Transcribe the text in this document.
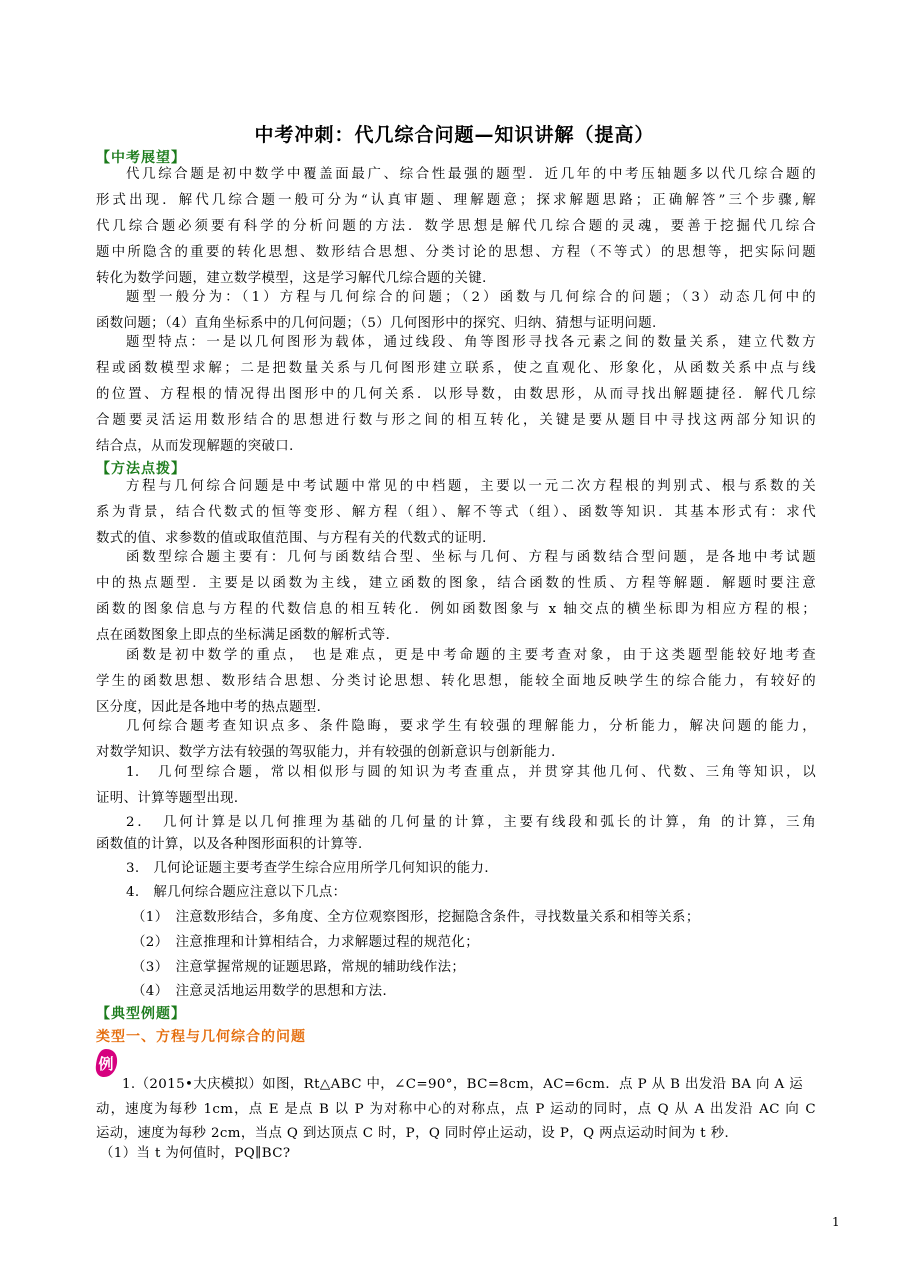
中考冲刺：代几综合问题—知识讲解（提高）
【中考展望】
代几综合题是初中数学中覆盖面最广、综合性最强的题型．近几年的中考压轴题多以代几综合题的
形式出现．解代几综合题一般可分为“认真审题、理解题意；探求解题思路；正确解答”三个步骤,解
代几综合题必须要有科学的分析问题的方法．数学思想是解代几综合题的灵魂，要善于挖掘代几综合
题中所隐含的重要的转化思想、数形结合思想、分类讨论的思想、方程（不等式）的思想等，把实际问题
转化为数学问题，建立数学模型，这是学习解代几综合题的关键．
题型一般分为：（1）方程与几何综合的问题；（2）函数与几何综合的问题；（3）动态几何中的
函数问题；（4）直角坐标系中的几何问题；（5）几何图形中的探究、归纳、猜想与证明问题.
题型特点：一是以几何图形为载体，通过线段、角等图形寻找各元素之间的数量关系，建立代数方
程或函数模型求解；二是把数量关系与几何图形建立联系，使之直观化、形象化，从函数关系中点与线
的位置、方程根的情况得出图形中的几何关系．以形导数，由数思形，从而寻找出解题捷径．解代几综
合题要灵活运用数形结合的思想进行数与形之间的相互转化，关键是要从题目中寻找这两部分知识的
结合点，从而发现解题的突破口．
【方法点拨】
方程与几何综合问题是中考试题中常见的中档题，主要以一元二次方程根的判别式、根与系数的关
系为背景，结合代数式的恒等变形、解方程（组）、解不等式（组）、函数等知识．其基本形式有：求代
数式的值、求参数的值或取值范围、与方程有关的代数式的证明．
函数型综合题主要有：几何与函数结合型、坐标与几何、方程与函数结合型问题，是各地中考试题
中的热点题型．主要是以函数为主线，建立函数的图象，结合函数的性质、方程等解题．解题时要注意
函数的图象信息与方程的代数信息的相互转化．例如函数图象与 x 轴交点的横坐标即为相应方程的根；
点在函数图象上即点的坐标满足函数的解析式等．
函数是初中数学的重点， 也是难点，更是中考命题的主要考查对象，由于这类题型能较好地考查
学生的函数思想、数形结合思想、分类讨论思想、转化思想，能较全面地反映学生的综合能力，有较好的
区分度，因此是各地中考的热点题型．
几何综合题考查知识点多、条件隐晦，要求学生有较强的理解能力，分析能力，解决问题的能力，
对数学知识、数学方法有较强的驾驭能力，并有较强的创新意识与创新能力．
1.　几何型综合题，常以相似形与圆的知识为考查重点，并贯穿其他几何、代数、三角等知识，以
证明、计算等题型出现．
2．　几何计算是以几何推理为基础的几何量的计算，主要有线段和弧长的计算，角 的计算，三角
函数值的计算，以及各种图形面积的计算等．
3.　几何论证题主要考查学生综合应用所学几何知识的能力．
4.　解几何综合题应注意以下几点：
（1）　注意数形结合，多角度、全方位观察图形，挖掘隐含条件，寻找数量关系和相等关系；
（2）　注意推理和计算相结合，力求解题过程的规范化；
（3）　注意掌握常规的证题思路，常规的辅助线作法；
（4）　注意灵活地运用数学的思想和方法．
【典型例题】
类型一、方程与几何综合的问题
例
1.（2015•大庆模拟）如图，Rt△ABC 中，∠C=90°，BC=8cm，AC=6cm．点 P 从 B 出发沿 BA 向 A 运
动，速度为每秒 1cm，点 E 是点 B 以 P 为对称中心的对称点，点 P 运动的同时，点 Q 从 A 出发沿 AC 向 C
运动，速度为每秒 2cm，当点 Q 到达顶点 C 时，P，Q 同时停止运动，设 P，Q 两点运动时间为 t 秒．
（1）当 t 为何值时，PQ∥BC?
1
